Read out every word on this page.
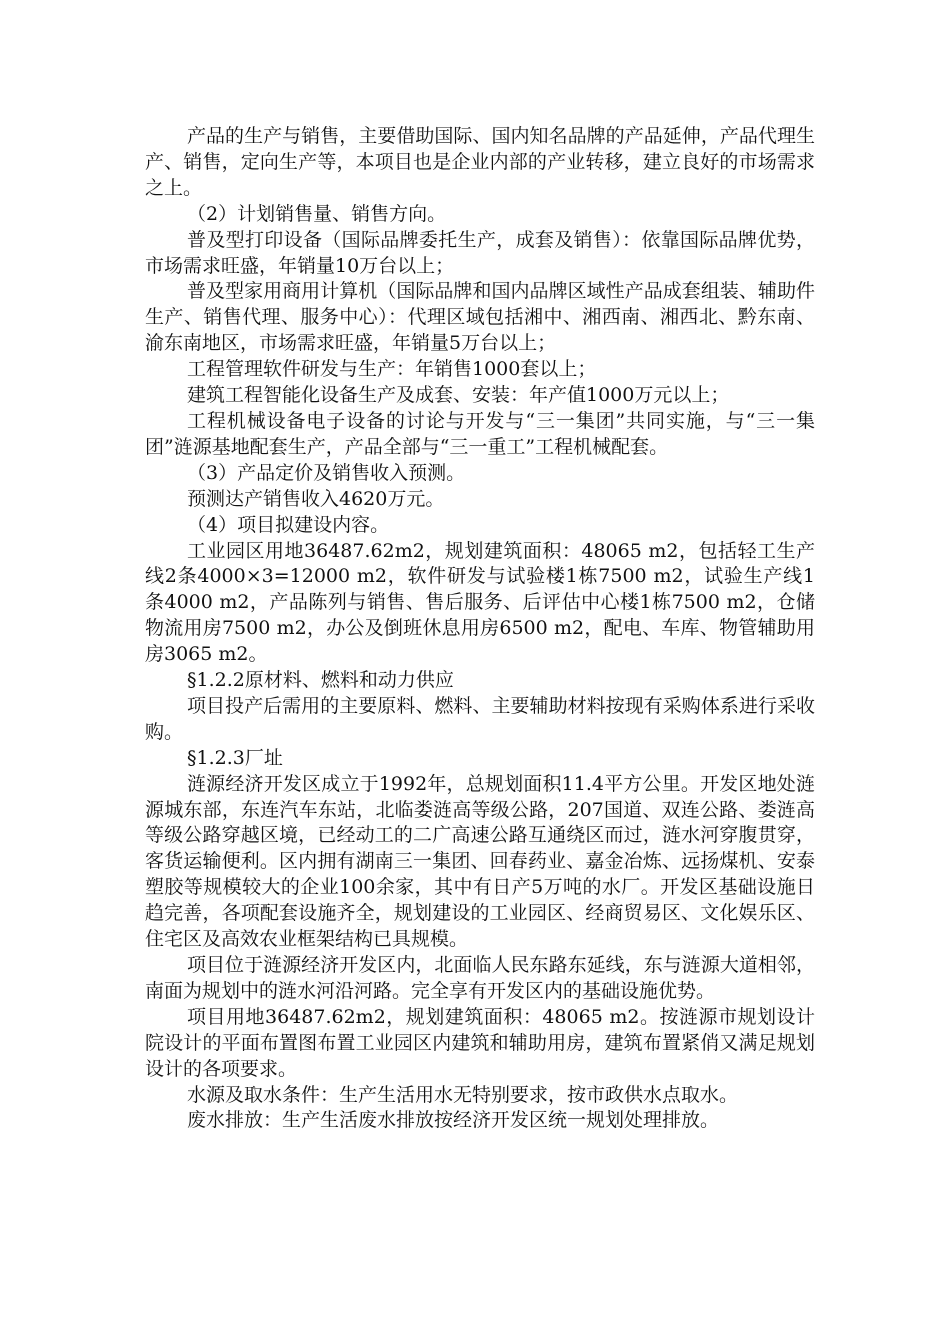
产品的生产与销售，主要借助国际、国内知名品牌的产品延伸，产品代理生产、销售，定向生产等，本项目也是企业内部的产业转移，建立良好的市场需求之上。

（2）计划销售量、销售方向。

普及型打印设备（国际品牌委托生产，成套及销售）：依靠国际品牌优势，市场需求旺盛，年销量10万台以上；

普及型家用商用计算机（国际品牌和国内品牌区域性产品成套组装、辅助件生产、销售代理、服务中心）：代理区域包括湘中、湘西南、湘西北、黔东南、渝东南地区，市场需求旺盛，年销量5万台以上；

工程管理软件研发与生产：年销售1000套以上；

建筑工程智能化设备生产及成套、安装：年产值1000万元以上；

工程机械设备电子设备的讨论与开发与“三一集团”共同实施，与“三一集团”涟源基地配套生产，产品全部与“三一重工”工程机械配套。

（3）产品定价及销售收入预测。

预测达产销售收入4620万元。

（4）项目拟建设内容。

工业园区用地36487.62m2，规划建筑面积：48065 m2，包括轻工生产线2条4000×3=12000 m2，软件研发与试验楼1栋7500 m2，试验生产线1条4000 m2，产品陈列与销售、售后服务、后评估中心楼1栋7500 m2，仓储物流用房7500 m2，办公及倒班休息用房6500 m2，配电、车库、物管辅助用房3065 m2。

§1.2.2原材料、燃料和动力供应

项目投产后需用的主要原料、燃料、主要辅助材料按现有采购体系进行采收购。

§1.2.3厂址

涟源经济开发区成立于1992年，总规划面积11.4平方公里。开发区地处涟源城东部，东连汽车东站，北临娄涟高等级公路，207国道、双连公路、娄涟高等级公路穿越区境，已经动工的二广高速公路互通绕区而过，涟水河穿腹贯穿，客货运输便利。区内拥有湖南三一集团、回春药业、嘉金冶炼、远扬煤机、安泰塑胶等规模较大的企业100余家，其中有日产5万吨的水厂。开发区基础设施日趋完善，各项配套设施齐全，规划建设的工业园区、经商贸易区、文化娱乐区、住宅区及高效农业框架结构已具规模。

项目位于涟源经济开发区内，北面临人民东路东延线，东与涟源大道相邻，南面为规划中的涟水河沿河路。完全享有开发区内的基础设施优势。

项目用地36487.62m2，规划建筑面积：48065 m2。按涟源市规划设计院设计的平面布置图布置工业园区内建筑和辅助用房，建筑布置紧俏又满足规划设计的各项要求。

水源及取水条件：生产生活用水无特别要求，按市政供水点取水。

废水排放：生产生活废水排放按经济开发区统一规划处理排放。
